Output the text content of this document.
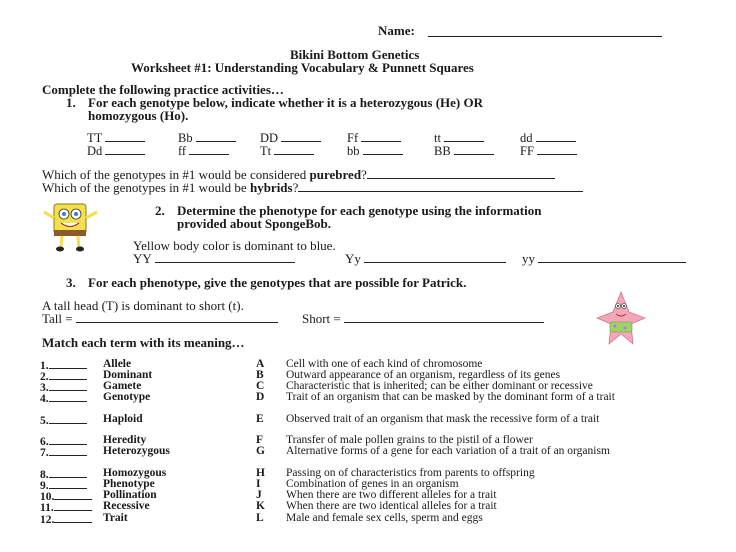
Name:
Bikini Bottom Genetics
Worksheet #1: Understanding Vocabulary & Punnett Squares
Complete the following practice activities…
1. For each genotype below, indicate whether it is a heterozygous (He) OR
homozygous (Ho).
TT	Bb	DD	Ff	tt	dd
Dd	ff	Tt	bb	BB	FF
Which of the genotypes in #1 would be considered purebred?
Which of the genotypes in #1 would be hybrids?
2. Determine the phenotype for each genotype using the information
provided about SpongeBob.
Yellow body color is dominant to blue.
YY	Yy	yy
3. For each phenotype, give the genotypes that are possible for Patrick.
A tall head (T) is dominant to short (t).
Tall =	Short =
Match each term with its meaning…
1.	Allele	A Cell with one of each kind of chromosome
2.	Dominant	B Outward appearance of an organism, regardless of its genes
3.	Gamete	C Characteristic that is inherited; can be either dominant or recessive
4.	Genotype	D Trait of an organism that can be masked by the dominant form of a trait
5.	Haploid	E Observed trait of an organism that mask the recessive form of a trait
6.	Heredity	F Transfer of male pollen grains to the pistil of a flower
7.	Heterozygous	G Alternative forms of a gene for each variation of a trait of an organism
8.	Homozygous	H Passing on of characteristics from parents to offspring
9.	Phenotype	I Combination of genes in an organism
10.	Pollination	J When there are two different alleles for a trait
11.	Recessive	K When there are two identical alleles for a trait
12.	Trait	L Male and female sex cells, sperm and eggs
